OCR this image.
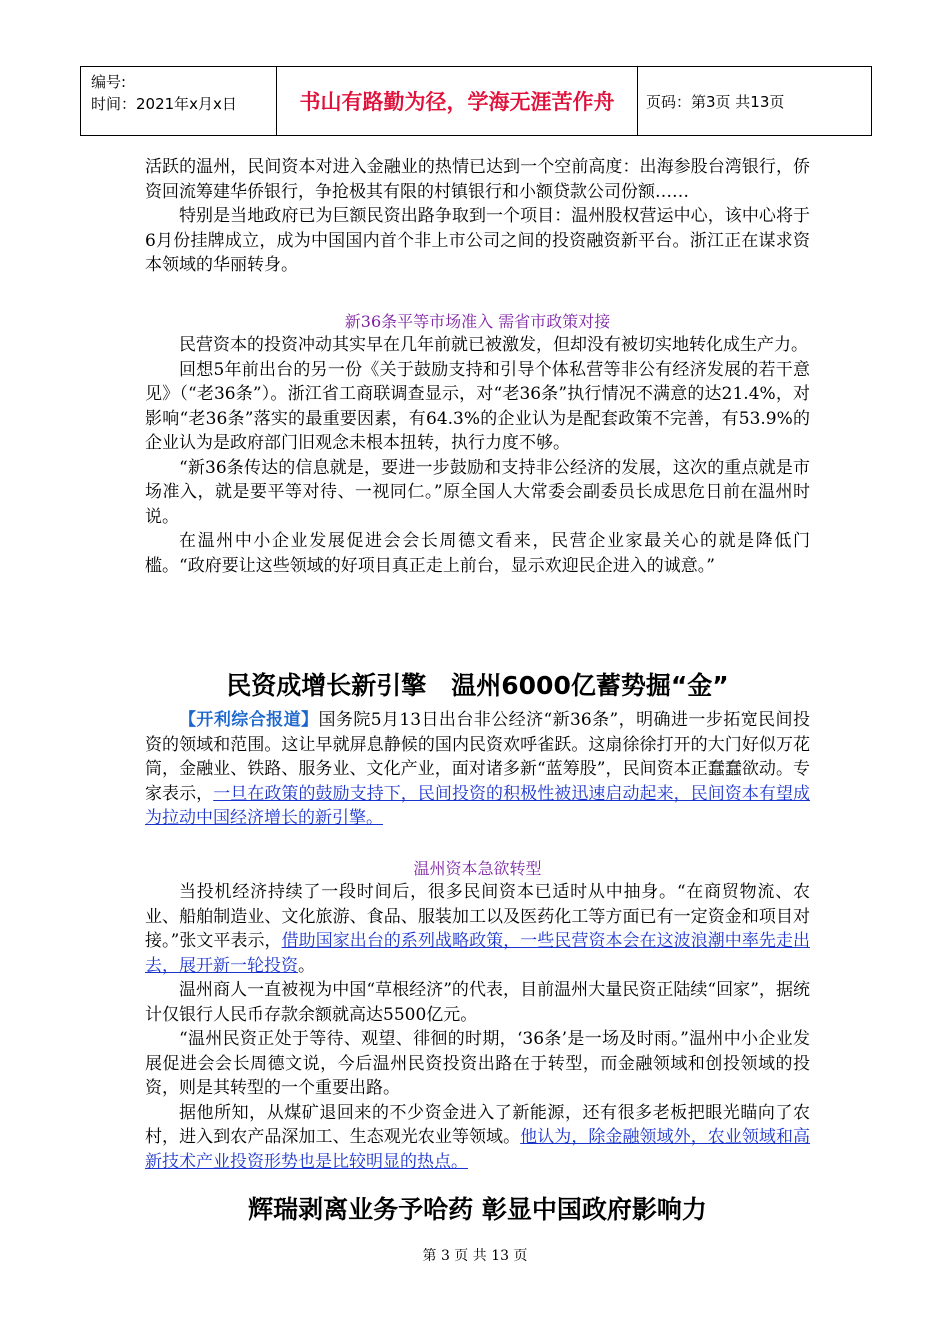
编号:
时间：2021年x月x日	书山有路勤为径，学海无涯苦作舟	页码：第3页 共13页

活跃的温州，民间资本对进入金融业的热情已达到一个空前高度：出海参股台湾银行，侨资回流筹建华侨银行，争抢极其有限的村镇银行和小额贷款公司份额……

特别是当地政府已为巨额民资出路争取到一个项目：温州股权营运中心，该中心将于6月份挂牌成立，成为中国国内首个非上市公司之间的投资融资新平台。浙江正在谋求资本领域的华丽转身。

新36条平等市场准入 需省市政策对接

民营资本的投资冲动其实早在几年前就已被激发，但却没有被切实地转化成生产力。

回想5年前出台的另一份《关于鼓励支持和引导个体私营等非公有经济发展的若干意见》（“老36条”）。浙江省工商联调查显示，对“老36条”执行情况不满意的达21.4%，对影响“老36条”落实的最重要因素，有64.3%的企业认为是配套政策不完善，有53.9%的企业认为是政府部门旧观念未根本扭转，执行力度不够。

“新36条传达的信息就是，要进一步鼓励和支持非公经济的发展，这次的重点就是市场准入，就是要平等对待、一视同仁。”原全国人大常委会副委员长成思危日前在温州时说。

在温州中小企业发展促进会会长周德文看来，民营企业家最关心的就是降低门槛。“政府要让这些领域的好项目真正走上前台，显示欢迎民企进入的诚意。”

民资成增长新引擎　温州6000亿蓄势掘“金”

【开利综合报道】国务院5月13日出台非公经济“新36条”，明确进一步拓宽民间投资的领域和范围。这让早就屏息静候的国内民资欢呼雀跃。这扇徐徐打开的大门好似万花筒，金融业、铁路、服务业、文化产业，面对诸多新“蓝筹股”，民间资本正蠢蠢欲动。专家表示，一旦在政策的鼓励支持下，民间投资的积极性被迅速启动起来，民间资本有望成为拉动中国经济增长的新引擎。

温州资本急欲转型

当投机经济持续了一段时间后，很多民间资本已适时从中抽身。“在商贸物流、农业、船舶制造业、文化旅游、食品、服装加工以及医药化工等方面已有一定资金和项目对接。”张文平表示，借助国家出台的系列战略政策，一些民营资本会在这波浪潮中率先走出去，展开新一轮投资。

温州商人一直被视为中国“草根经济”的代表，目前温州大量民资正陆续“回家”，据统计仅银行人民币存款余额就高达5500亿元。

“温州民资正处于等待、观望、徘徊的时期，‘36条’是一场及时雨。”温州中小企业发展促进会会长周德文说，今后温州民资投资出路在于转型，而金融领域和创投领域的投资，则是其转型的一个重要出路。

据他所知，从煤矿退回来的不少资金进入了新能源，还有很多老板把眼光瞄向了农村，进入到农产品深加工、生态观光农业等领域。他认为，除金融领域外，农业领域和高新技术产业投资形势也是比较明显的热点。

辉瑞剥离业务予哈药 彰显中国政府影响力
第 3 页 共 13 页
